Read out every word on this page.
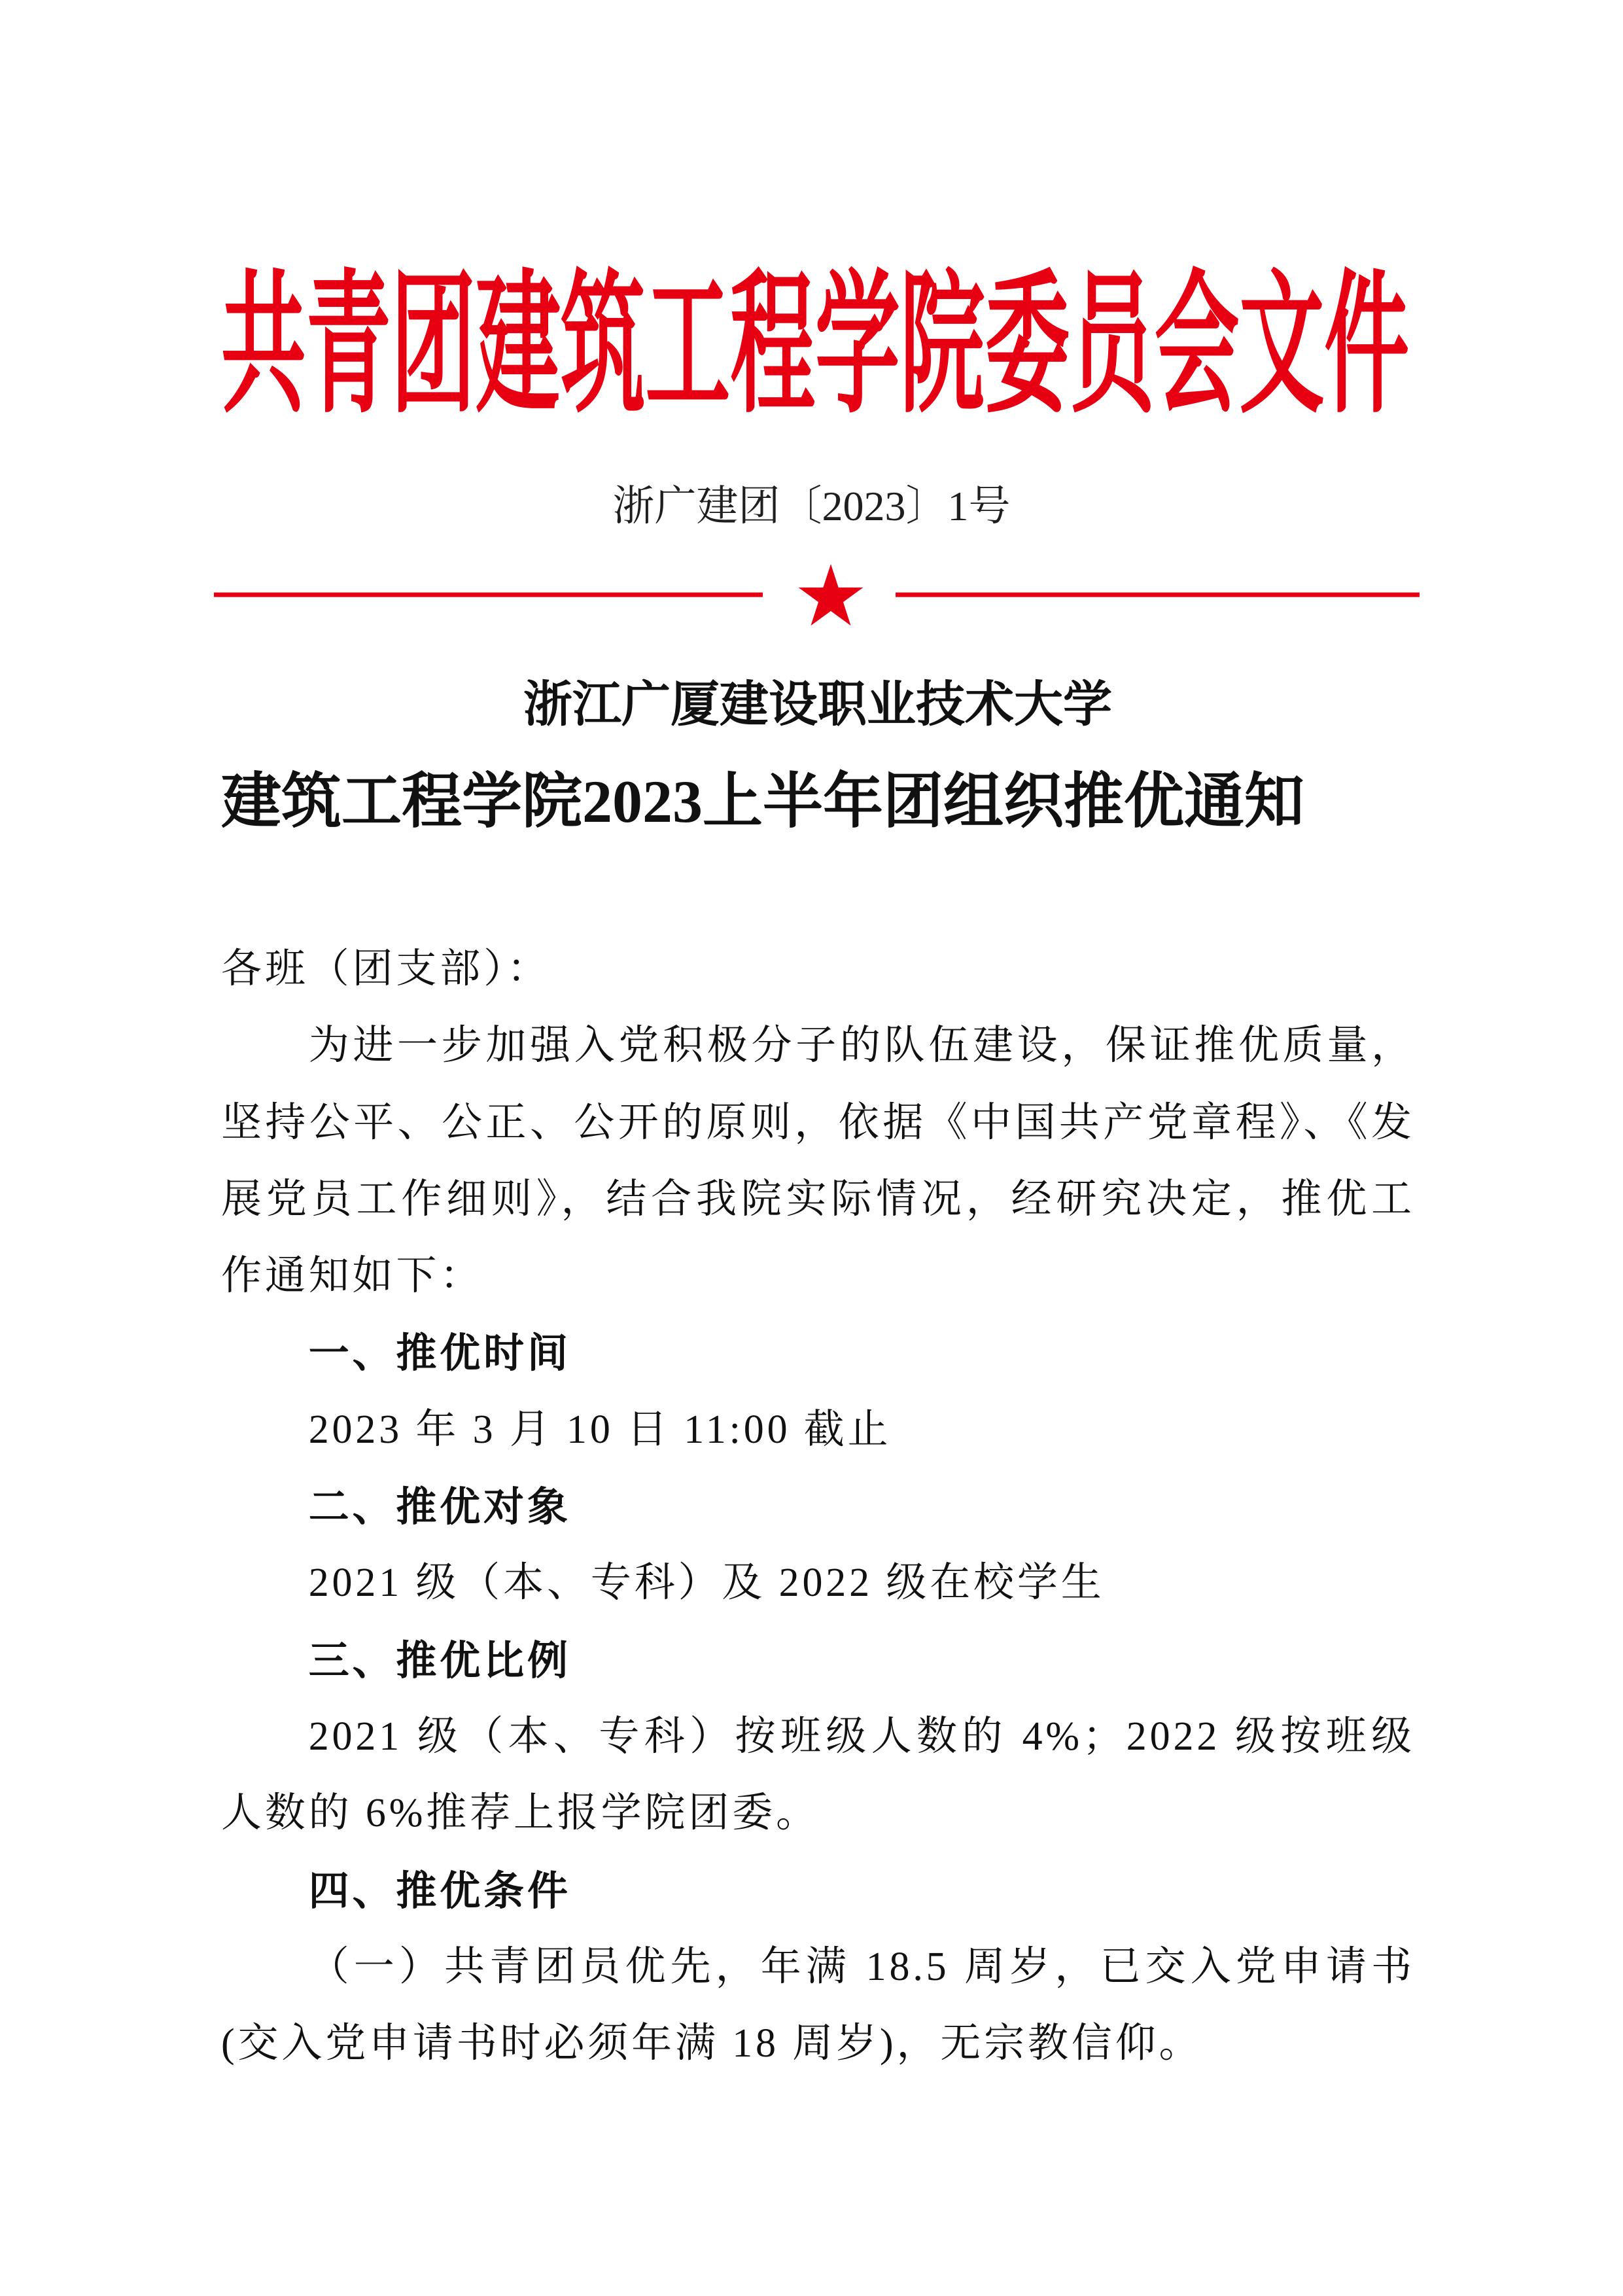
共青团建筑工程学院委员会文件
浙广建团〔2023〕1号
浙江广厦建设职业技术大学
建筑工程学院2023上半年团组织推优通知

各班（团支部）：

为进一步加强入党积极分子的队伍建设，保证推优质量，坚持公平、公正、公开的原则，依据《中国共产党章程》、《发展党员工作细则》，结合我院实际情况，经研究决定，推优工作通知如下：

一、推优时间

2023 年 3 月 10 日 11:00 截止

二、推优对象

2021 级（本、专科）及 2022 级在校学生

三、推优比例

2021 级（本、专科）按班级人数的 4%；2022 级按班级人数的 6%推荐上报学院团委。

四、推优条件

（一）共青团员优先，年满 18.5 周岁，已交入党申请书(交入党申请书时必须年满 18 周岁)，无宗教信仰。
